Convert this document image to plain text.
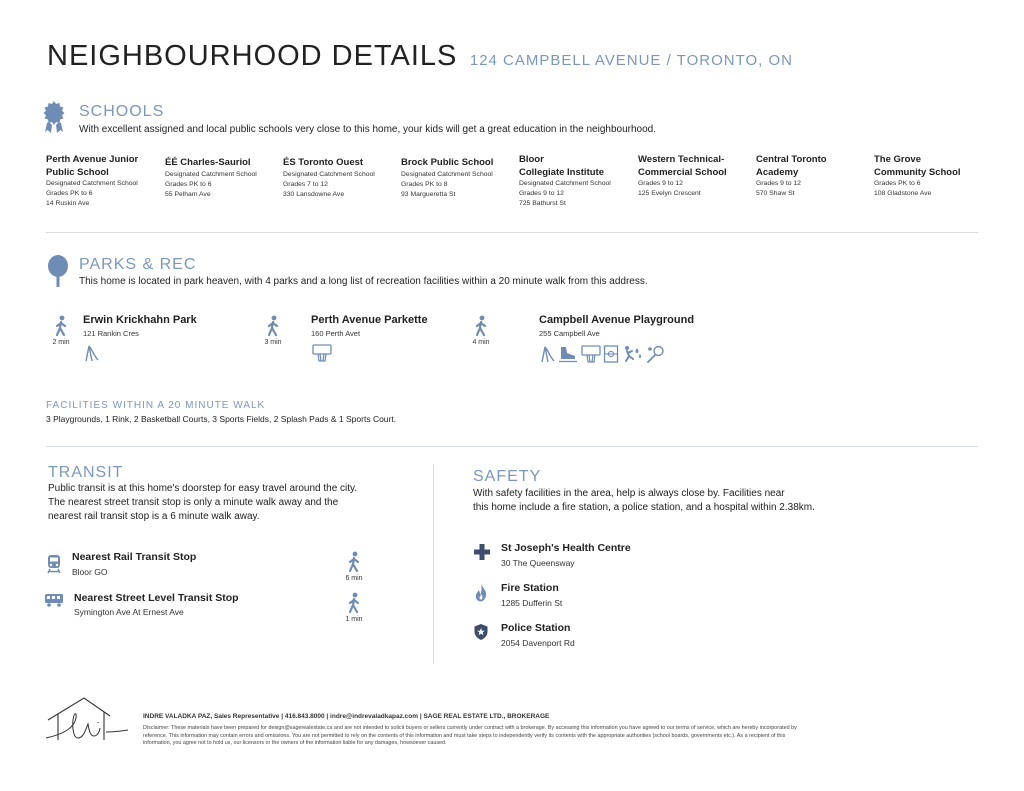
NEIGHBOURHOOD DETAILS 124 CAMPBELL AVENUE / TORONTO, ON
SCHOOLS
With excellent assigned and local public schools very close to this home, your kids will get a great education in the neighbourhood.
Perth Avenue Junior
Public School
Designated Catchment School
Grades PK to 6
14 Ruskin Ave
ÉÉ Charles-Sauriol
Designated Catchment School
Grades PK to 6
55 Pelham Ave
ÉS Toronto Ouest
Designated Catchment School
Grades 7 to 12
330 Lansdowne Ave
Brock Public School
Designated Catchment School
Grades PK to 8
93 Margueretta St
Bloor
Collegiate Institute
Designated Catchment School
Grades 9 to 12
725 Bathurst St
Western Technical-
Commercial School
Grades 9 to 12
125 Evelyn Crescent
Central Toronto
Academy
Grades 9 to 12
570 Shaw St
The Grove
Community School
Grades PK to 6
108 Gladstone Ave
PARKS & REC
This home is located in park heaven, with 4 parks and a long list of recreation facilities within a 20 minute walk from this address.
2 min
Erwin Krickhahn Park
121 Rankin Cres
3 min
Perth Avenue Parkette
160 Perth Avet
4 min
Campbell Avenue Playground
255 Campbell Ave
FACILITIES WITHIN A 20 MINUTE WALK
3 Playgrounds, 1 Rink, 2 Basketball Courts, 3 Sports Fields, 2 Splash Pads & 1 Sports Court.
TRANSIT
Public transit is at this home's doorstep for easy travel around the city.
The nearest street transit stop is only a minute walk away and the
nearest rail transit stop is a 6 minute walk away.
Nearest Rail Transit Stop
Bloor GO
6 min
Nearest Street Level Transit Stop
Symington Ave At Ernest Ave
1 min
SAFETY
With safety facilities in the area, help is always close by. Facilities near
this home include a fire station, a police station, and a hospital within 2.38km.
St Joseph's Health Centre
30 The Queensway
Fire Station
1285 Dufferin St
Police Station
2054 Davenport Rd
INDRE VALADKA PAZ, Sales Representative | 416.843.8000 | indre@indrevaladkapaz.com | SAGE REAL ESTATE LTD., BROKERAGE
Disclaimer: These materials have been prepared for design@sagerealestate.ca and are not intended to solicit buyers or sellers currently under contract with a brokerage. By accessing this information you have agreed to our terms of service, which are hereby incorporated by reference. This information may contain errors and omissions. You are not permitted to rely on the contents of this information and must take steps to independently verify its contents with the appropriate authorities (school boards, governments etc.). As a recipient of this information, you agree not to hold us, our licensors or the owners of the information liable for any damages, howsoever caused.
